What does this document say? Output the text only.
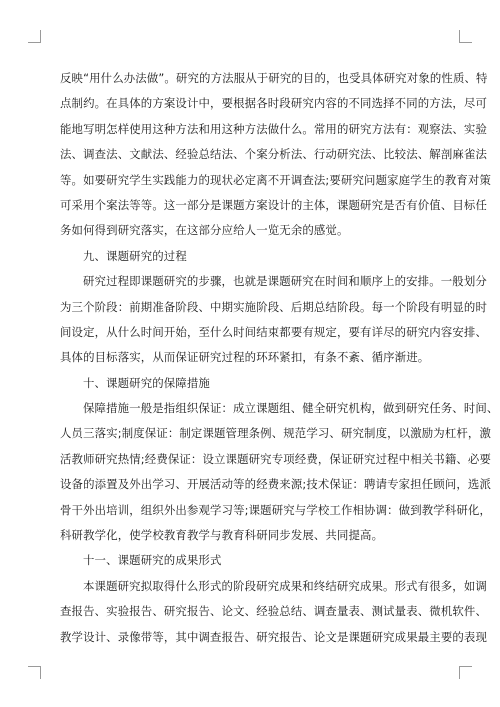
反映“用什么办法做”。研究的方法服从于研究的目的，也受具体研究对象的性质、特
点制约。在具体的方案设计中，要根据各时段研究内容的不同选择不同的方法，尽可
能地写明怎样使用这种方法和用这种方法做什么。常用的研究方法有：观察法、实验
法、调查法、文献法、经验总结法、个案分析法、行动研究法、比较法、解剖麻雀法
等。如要研究学生实践能力的现状必定离不开调查法;要研究问题家庭学生的教育对策
可采用个案法等等。这一部分是课题方案设计的主体，课题研究是否有价值、目标任
务如何得到研究落实，在这部分应给人一览无余的感觉。
九、课题研究的过程
研究过程即课题研究的步骤，也就是课题研究在时间和顺序上的安排。一般划分
为三个阶段：前期准备阶段、中期实施阶段、后期总结阶段。每一个阶段有明显的时
间设定，从什么时间开始，至什么时间结束都要有规定，要有详尽的研究内容安排、
具体的目标落实，从而保证研究过程的环环紧扣，有条不紊、循序渐进。
十、课题研究的保障措施
保障措施一般是指组织保证：成立课题组、健全研究机构，做到研究任务、时间、
人员三落实;制度保证：制定课题管理条例、规范学习、研究制度，以激励为杠杆，激
活教师研究热情;经费保证：设立课题研究专项经费，保证研究过程中相关书籍、必要
设备的添置及外出学习、开展活动等的经费来源;技术保证：聘请专家担任顾问，选派
骨干外出培训，组织外出参观学习等;课题研究与学校工作相协调：做到教学科研化，
科研教学化，使学校教育教学与教育科研同步发展、共同提高。
十一、课题研究的成果形式
本课题研究拟取得什么形式的阶段研究成果和终结研究成果。形式有很多，如调
查报告、实验报告、研究报告、论文、经验总结、调查量表、测试量表、微机软件、
教学设计、录像带等，其中调查报告、研究报告、论文是课题研究成果最主要的表现
